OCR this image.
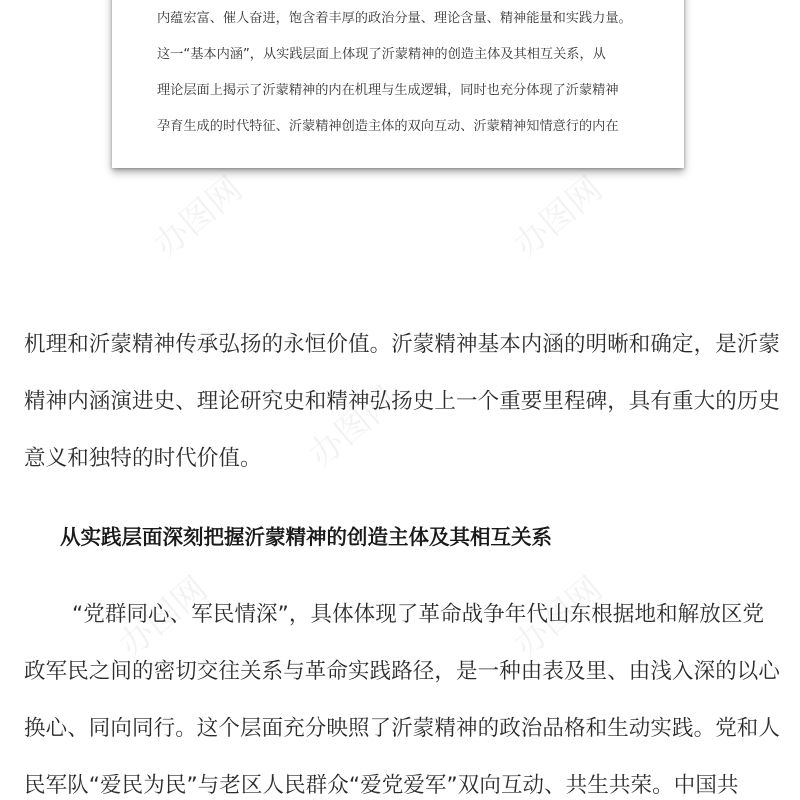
内蕴宏富、催人奋进，饱含着丰厚的政治分量、理论含量、精神能量和实践力量。
这一“基本内涵”，从实践层面上体现了沂蒙精神的创造主体及其相互关系，从
理论层面上揭示了沂蒙精神的内在机理与生成逻辑，同时也充分体现了沂蒙精神
孕育生成的时代特征、沂蒙精神创造主体的双向互动、沂蒙精神知情意行的内在
机理和沂蒙精神传承弘扬的永恒价值。沂蒙精神基本内涵的明晰和确定，是沂蒙
精神内涵演进史、理论研究史和精神弘扬史上一个重要里程碑，具有重大的历史
意义和独特的时代价值。
从实践层面深刻把握沂蒙精神的创造主体及其相互关系
“党群同心、军民情深”，具体体现了革命战争年代山东根据地和解放区党
政军民之间的密切交往关系与革命实践路径，是一种由表及里、由浅入深的以心
换心、同向同行。这个层面充分映照了沂蒙精神的政治品格和生动实践。党和人
民军队“爱民为民”与老区人民群众“爱党爱军”双向互动、共生共荣。中国共
办图网	办图网
办图网
办图网	办图网
